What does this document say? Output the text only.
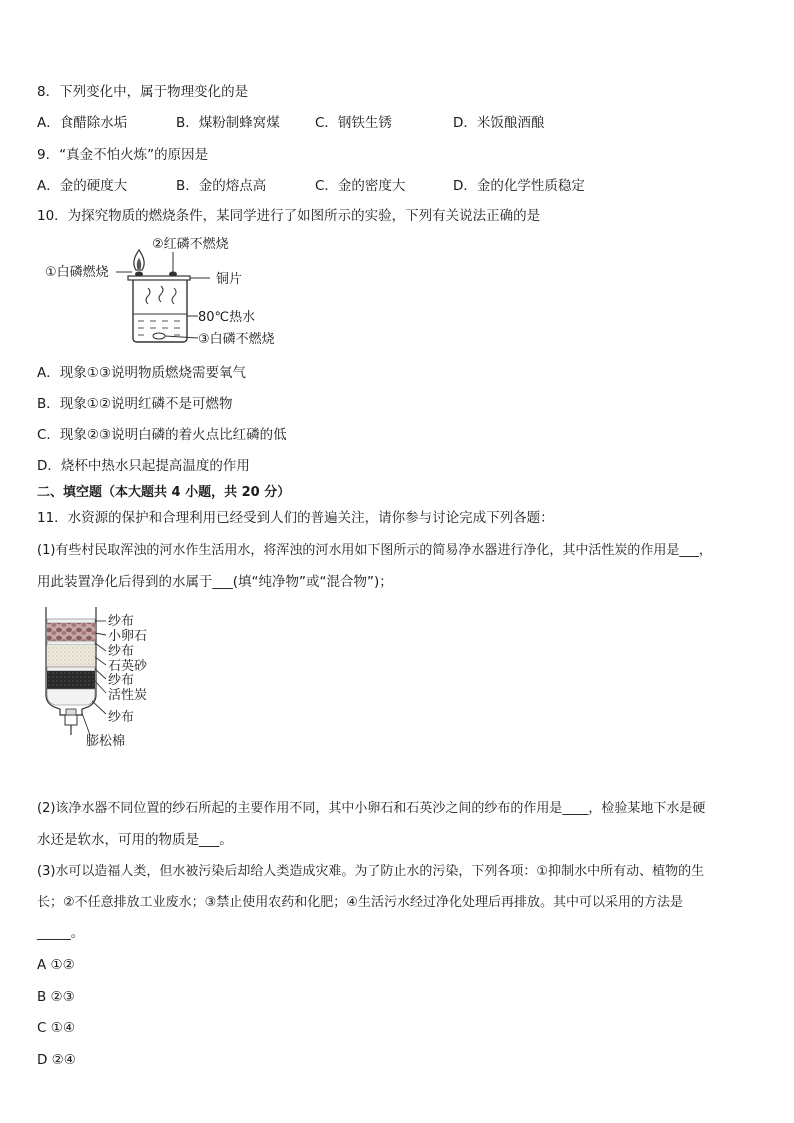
8．下列变化中，属于物理变化的是
A．食醋除水垢	B．煤粉制蜂窝煤	C．钢铁生锈	D．米饭酿酒酿
9．“真金不怕火炼”的原因是
A．金的硬度大	B．金的熔点高	C．金的密度大	D．金的化学性质稳定
10．为探究物质的燃烧条件，某同学进行了如图所示的实验，下列有关说法正确的是
②红磷不燃烧
①白磷燃烧	铜片
80℃热水
③白磷不燃烧
A．现象①③说明物质燃烧需要氧气
B．现象①②说明红磷不是可燃物
C．现象②③说明白磷的着火点比红磷的低
D．烧杯中热水只起提高温度的作用
二、填空题（本大题共 4 小题，共 20 分）
11．水资源的保护和合理利用已经受到人们的普遍关注，请你参与讨论完成下列各题：
(1)有些村民取浑浊的河水作生活用水，将浑浊的河水用如下图所示的简易净水器进行净化，其中活性炭的作用是___，
用此装置净化后得到的水属于___(填“纯净物”或“混合物”)；
纱布
小卵石
纱布
石英砂
纱布
活性炭
纱布
膨松棉
(2)该净水器不同位置的纱石所起的主要作用不同，其中小卵石和石英沙之间的纱布的作用是____，检验某地下水是硬
水还是软水，可用的物质是___。
(3)水可以造福人类，但水被污染后却给人类造成灾难。为了防止水的污染，下列各项：①抑制水中所有动、植物的生
长；②不任意排放工业废水；③禁止使用农药和化肥；④生活污水经过净化处理后再排放。其中可以采用的方法是
_____。
A ①②
B ②③
C ①④
D ②④
